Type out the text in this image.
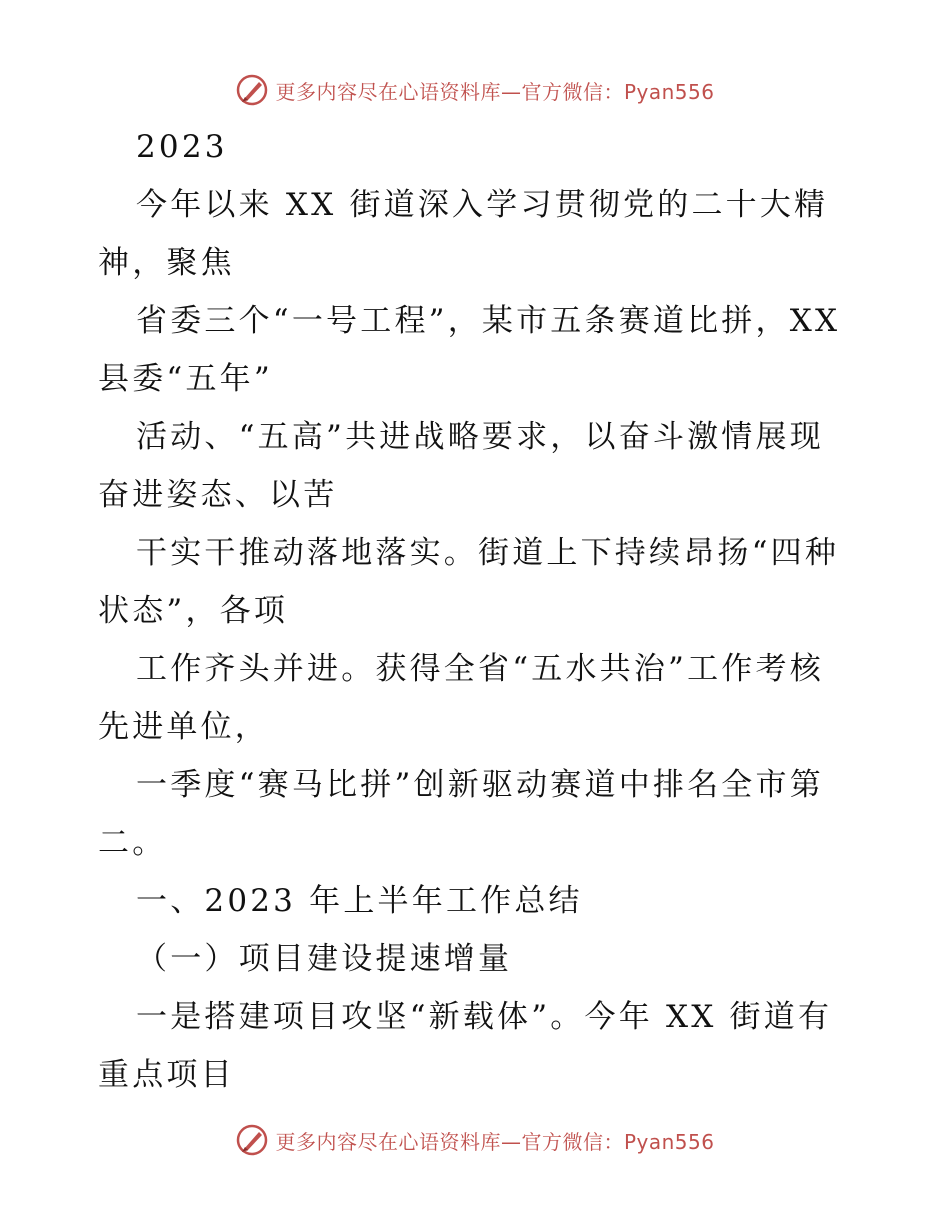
更多内容尽在心语资料库—官方微信：Pyan556
2023
今年以来 XX 街道深入学习贯彻党的二十大精
神，聚焦
省委三个“一号工程”，某市五条赛道比拼，XX
县委“五年”
活动、“五高”共进战略要求，以奋斗激情展现
奋进姿态、以苦
干实干推动落地落实。街道上下持续昂扬“四种
状态”，各项
工作齐头并进。获得全省“五水共治”工作考核
先进单位，
一季度“赛马比拼”创新驱动赛道中排名全市第
二。
一、2023 年上半年工作总结
（一）项目建设提速增量
一是搭建项目攻坚“新载体”。今年 XX 街道有
重点项目
更多内容尽在心语资料库—官方微信：Pyan556
